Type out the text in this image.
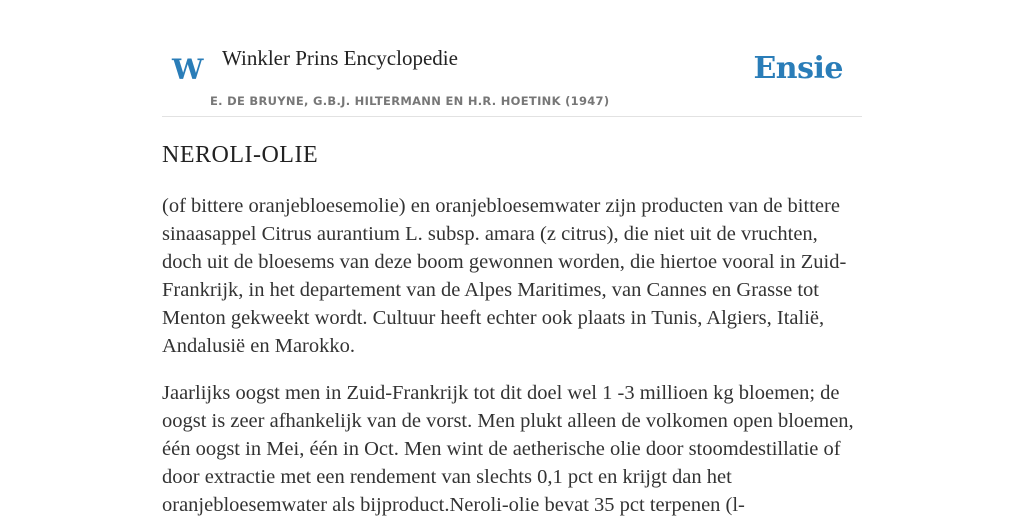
W Winkler Prins Encyclopedie
E. DE BRUYNE, G.B.J. HILTERMANN EN H.R. HOETINK (1947)
Ensie
NEROLI-OLIE

(of bittere oranjebloesemolie) en oranjebloesemwater zijn producten van de bittere sinaasappel Citrus aurantium L. subsp. amara (z citrus), die niet uit de vruchten, doch uit de bloesems van deze boom gewonnen worden, die hiertoe vooral in Zuid-Frankrijk, in het departement van de Alpes Maritimes, van Cannes en Grasse tot Menton gekweekt wordt. Cultuur heeft echter ook plaats in Tunis, Algiers, Italië, Andalusië en Marokko.

Jaarlijks oogst men in Zuid-Frankrijk tot dit doel wel 1 -3 millioen kg bloemen; de oogst is zeer afhankelijk van de vorst. Men plukt alleen de volkomen open bloemen, één oogst in Mei, één in Oct. Men wint de aetherische olie door stoomdestillatie of door extractie met een rendement van slechts 0,1 pct en krijgt dan het oranjebloesemwater als bijproduct.Neroli-olie bevat 35 pct terpenen (l-
